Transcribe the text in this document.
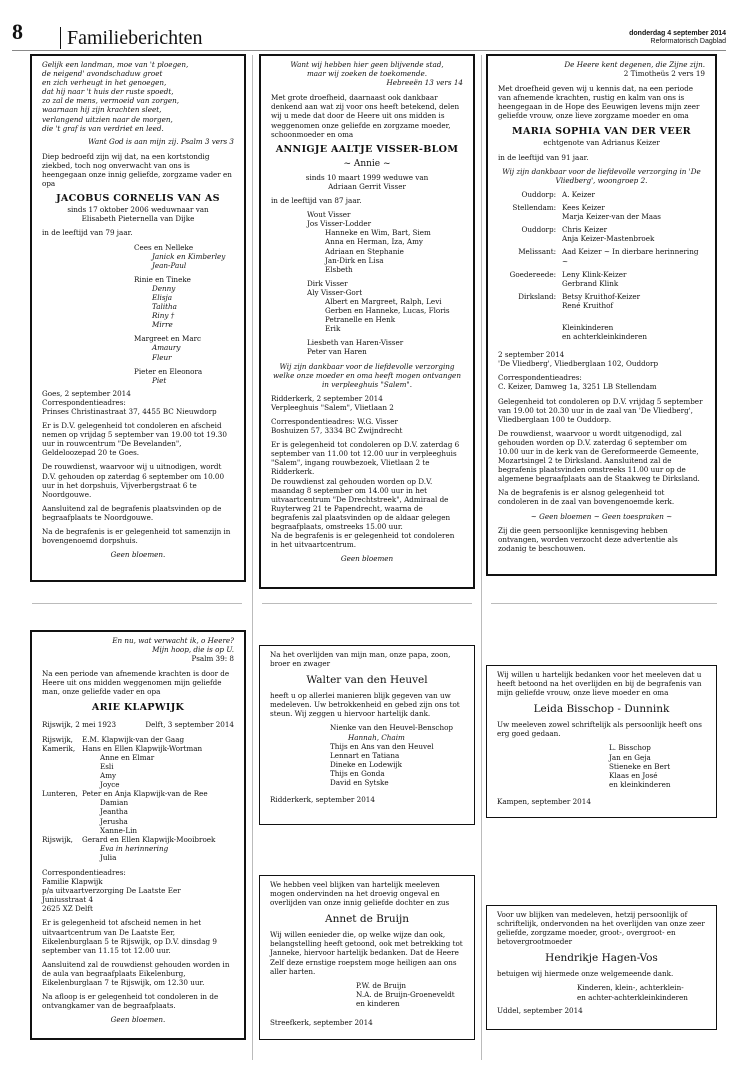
8	Familieberichten	donderdag 4 september 2014
Reformatorisch Dagblad
Gelijk een landman, moe van 't ploegen,
de neigend' avondschaduw groet
en zich verheugt in het genoegen,
dat hij naar 't huis der ruste spoedt,
zo zal de mens, vermoeid van zorgen,
waarnaan hij zijn krachten sleet,
verlangend uitzien naar de morgen,
die 't graf is van verdriet en leed.
Want God is aan mijn zij. Psalm 3 vers 3

Diep bedroefd zijn wij dat, na een kortstondig ziekbed, toch nog onverwacht van ons is heengegaan onze innig geliefde, zorgzame vader en opa

JACOBUS CORNELIS VAN AS
sinds 17 oktober 2006 weduwnaar van
Elisabeth Pieternella van Dijke

in de leeftijd van 79 jaar.

Cees en Nelleke
Janick en Kimberley
Jean-Paul
Rinie en Tineke
Denny
Elisja
Talitha
Riny †
Mirre
Margreet en Marc
Amaury
Fleur
Pieter en Eleonora
Piet
Goes, 2 september 2014
Correspondentieadres:

Prinses Christinastraat 37, 4455 BC Nieuwdorp

Er is D.V. gelegenheid tot condoleren en afscheid nemen op vrijdag 5 september van 19.00 tot 19.30 uur in rouwcentrum "De Bevelanden", Geldeloozepad 20 te Goes.

De rouwdienst, waarvoor wij u uitnodigen, wordt D.V. gehouden op zaterdag 6 september om 10.00 uur in het dorpshuis, Vijverbergstraat 6 te Noordgouwe.

Aansluitend zal de begrafenis plaatsvinden op de begraafplaats te Noordgouwe.

Na de begrafenis is er gelegenheid tot samenzijn in bovengenoemd dorpshuis.

Geen bloemen.
Want wij hebben hier geen blijvende stad,
maar wij zoeken de toekomende.
Hebreeën 13 vers 14

Met grote droefheid, daarnaast ook dankbaar denkend aan wat zij voor ons heeft betekend, delen wij u mede dat door de Heere uit ons midden is weggenomen onze geliefde en zorgzame moeder, schoonmoeder en oma

ANNIGJE AALTJE VISSER-BLOM
~ Annie ~
sinds 10 maart 1999 weduwe van
Adriaan Gerrit Visser

in de leeftijd van 87 jaar.

Wout Visser
Jos Visser-Lodder
Hanneke en Wim, Bart, Siem
Anna en Herman, Iza, Amy
Adriaan en Stephanie
Jan-Dirk en Lisa
Elsbeth
Dirk Visser
Aly Visser-Gort
Albert en Margreet, Ralph, Levi
Gerben en Hanneke, Lucas, Floris
Petranelle en Henk
Erik
Liesbeth van Haren-Visser
Peter van Haren

Wij zijn dankbaar voor de liefdevolle verzorging welke onze moeder en oma heeft mogen ontvangen in verpleeghuis "Salem".

Ridderkerk, 2 september 2014

Verpleeghuis "Salem", Vlietlaan 2

Correspondentieadres: W.G. Visser

Boshuizen 57, 3334 BC Zwijndrecht

Er is gelegenheid tot condoleren op D.V. zaterdag 6 september van 11.00 tot 12.00 uur in verpleeghuis "Salem", ingang rouwbezoek, Vlietlaan 2 te Ridderkerk.
De rouwdienst zal gehouden worden op D.V. maandag 8 september om 14.00 uur in het uitvaartcentrum "De Drechtstreek", Admiraal de Ruyterweg 21 te Papendrecht, waarna de begrafenis zal plaatsvinden op de aldaar gelegen begraafplaats, omstreeks 15.00 uur.
Na de begrafenis is er gelegenheid tot condoleren in het uitvaartcentrum.
Geen bloemen
De Heere kent degenen, die Zijne zijn.
2 Timotheüs 2 vers 19

Met droefheid geven wij u kennis dat, na een periode van afnemende krachten, rustig en kalm van ons is heengegaan in de Hope des Eeuwigen levens mijn zeer geliefde vrouw, onze lieve zorgzame moeder en oma

MARIA SOPHIA VAN DER VEER
echtgenote van Adrianus Keizer

in de leeftijd van 91 jaar.

Wij zijn dankbaar voor de liefdevolle verzorging in 'De Vliedberg', woongroep 2.

Ouddorp: A. Keizer
Stellendam: Kees Keizer
Marja Keizer-van der Maas
Ouddorp: Chris Keizer
Anja Keizer-Mastenbroek
Melissant: Aad Keizer ~ In dierbare herinnering ~
Goedereede: Leny Klink-Keizer
Gerbrand Klink
Dirksland: Betsy Kruithof-Keizer
René Kruithof
Kleinkinderen
en achterkleinkinderen
2 september 2014

'De Vliedberg', Vliedberglaan 102, Ouddorp

Correspondentieadres:

C. Keizer, Damweg 1a, 3251 LB Stellendam

Gelegenheid tot condoleren op D.V. vrijdag 5 september van 19.00 tot 20.30 uur in de zaal van 'De Vliedberg', Vliedberglaan 100 te Ouddorp.

De rouwdienst, waarvoor u wordt uitgenodigd, zal gehouden worden op D.V. zaterdag 6 september om 10.00 uur in de kerk van de Gereformeerde Gemeente, Mozartsingel 2 te Dirksland. Aansluitend zal de begrafenis plaatsvinden omstreeks 11.00 uur op de algemene begraafplaats aan de Staakweg te Dirksland.

Na de begrafenis is er alsnog gelegenheid tot condoleren in de zaal van bovengenoemde kerk.

~ Geen bloemen ~ Geen toespraken ~

Zij die geen persoonlijke kennisgeving hebben ontvangen, worden verzocht deze advertentie als zodanig te beschouwen.
En nu, wat verwacht ik, o Heere?
Mijn hoop, die is op U.
Psalm 39: 8

Na een periode van afnemende krachten is door de Heere uit ons midden weggenomen mijn geliefde man, onze geliefde vader en opa

ARIE KLAPWIJK
Rijswijk, 2 mei 1923	Delft, 3 september 2014
Rijswijk,	E.M. Klapwijk-van der Gaag
Kamerik, Hans en Ellen Klapwijk-Wortman
Anne en Elmar
Esli
Amy
Joyce
Lunteren, Peter en Anja Klapwijk-van de Ree
Damian
Jeantha
Jerusha
Xanne-Lin
Rijswijk,	Gerard en Ellen Klapwijk-Mooibroek
Eva in herinnering
Julia
Correspondentieadres:
Familie Klapwijk
p/a uitvaartverzorging De Laatste Eer
Juniusstraat 4
2625 XZ Delft

Er is gelegenheid tot afscheid nemen in het uitvaartcentrum van De Laatste Eer, Eikelenburglaan 5 te Rijswijk, op D.V. dinsdag 9 september van 11.15 tot 12.00 uur.

Aansluitend zal de rouwdienst gehouden worden in de aula van begraafplaats Eikelenburg, Eikelenburglaan 7 te Rijswijk, om 12.30 uur.

Na afloop is er gelegenheid tot condoleren in de ontvangkamer van de begraafplaats.

Geen bloemen.
Na het overlijden van mijn man, onze papa, zoon, broer en zwager
Walter van den Heuvel

heeft u op allerlei manieren blijk gegeven van uw medeleven. Uw betrokkenheid en gebed zijn ons tot steun. Wij zeggen u hiervoor hartelijk dank.

Nienke van den Heuvel-Benschop
Hannah, Chaim
Thijs en Ans van den Heuvel
Lennart en Tatiana
Dineke en Lodewijk
Thijs en Gonda
David en Sytske
Ridderkerk, september 2014
We hebben veel blijken van hartelijk meeleven mogen ondervinden na het droevig ongeval en overlijden van onze innig geliefde dochter en zus
Annet de Bruijn

Wij willen eenieder die, op welke wijze dan ook, belangstelling heeft getoond, ook met betrekking tot Janneke, hiervoor hartelijk bedanken. Dat de Heere Zelf deze ernstige roepstem moge heiligen aan ons aller harten.

P.W. de Bruijn
N.A. de Bruijn-Groeneveldt
en kinderen
Streefkerk, september 2014
Wij willen u hartelijk bedanken voor het meeleven dat u heeft betoond na het overlijden en bij de begrafenis van mijn geliefde vrouw, onze lieve moeder en oma
Leida Bisschop - Dunnink

Uw meeleven zowel schriftelijk als persoonlijk heeft ons erg goed gedaan.

L. Bisschop
Jan en Geja
Stieneke en Bert
Klaas en José
en kleinkinderen
Kampen, september 2014
Voor uw blijken van medeleven, hetzij persoonlijk of schriftelijk, ondervonden na het overlijden van onze zeer geliefde, zorgzame moeder, groot-, overgroot- en betovergrootmoeder
Hendrikje Hagen-Vos

betuigen wij hiermede onze welgemeende dank.

Kinderen, klein-, achterklein-
en achter-achterkleinkinderen
Uddel, september 2014
